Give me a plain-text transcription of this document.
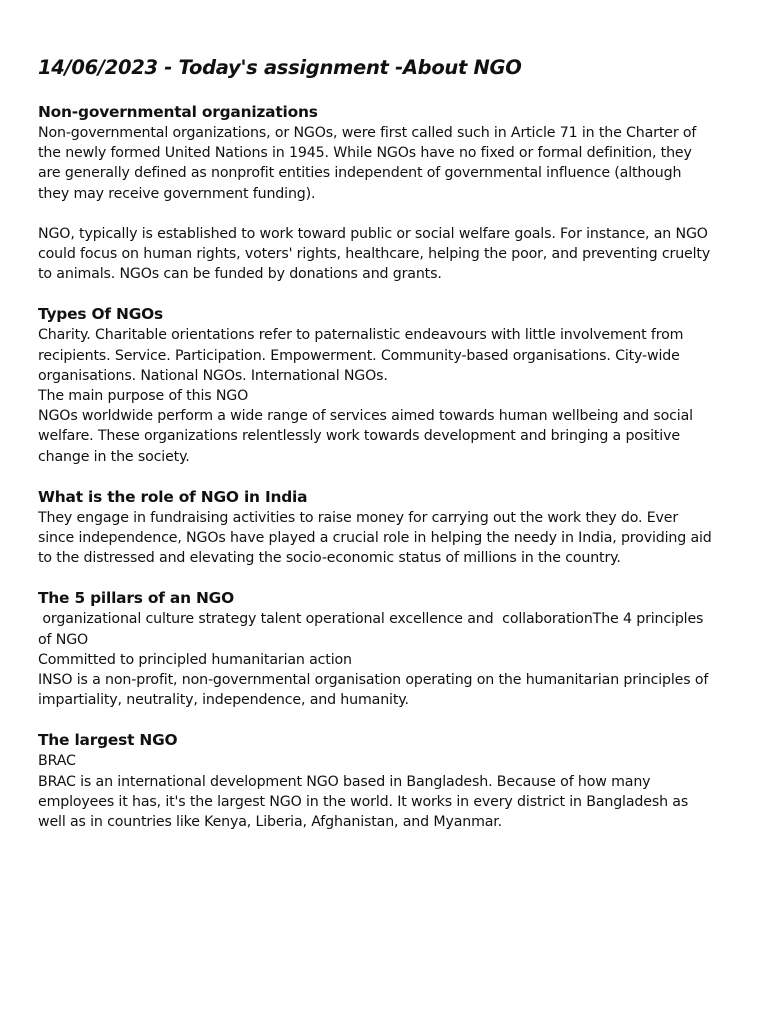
14/06/2023 - Today's assignment -About NGO
Non-governmental organizations

Non-governmental organizations, or NGOs, were first called such in Article 71 in the Charter of the newly formed United Nations in 1945. While NGOs have no fixed or formal definition, they are generally defined as nonprofit entities independent of governmental influence (although they may receive government funding).

NGO, typically is established to work toward public or social welfare goals. For instance, an NGO could focus on human rights, voters' rights, healthcare, helping the poor, and preventing cruelty to animals. NGOs can be funded by donations and grants.

Types Of NGOs

Charity. Charitable orientations refer to paternalistic endeavours with little involvement from recipients. Service. Participation. Empowerment. Community-based organisations. City-wide organisations. National NGOs. International NGOs.

The main purpose of this NGO

NGOs worldwide perform a wide range of services aimed towards human wellbeing and social welfare. These organizations relentlessly work towards development and bringing a positive change in the society.

What is the role of NGO in India

They engage in fundraising activities to raise money for carrying out the work they do. Ever since independence, NGOs have played a crucial role in helping the needy in India, providing aid to the distressed and elevating the socio-economic status of millions in the country.

The 5 pillars of an NGO

organizational culture strategy talent operational excellence and  collaborationThe 4 principles of NGO

Committed to principled humanitarian action

INSO is a non-profit, non-governmental organisation operating on the humanitarian principles of impartiality, neutrality, independence, and humanity.

The largest NGO

BRAC

BRAC is an international development NGO based in Bangladesh. Because of how many employees it has, it's the largest NGO in the world. It works in every district in Bangladesh as well as in countries like Kenya, Liberia, Afghanistan, and Myanmar.
